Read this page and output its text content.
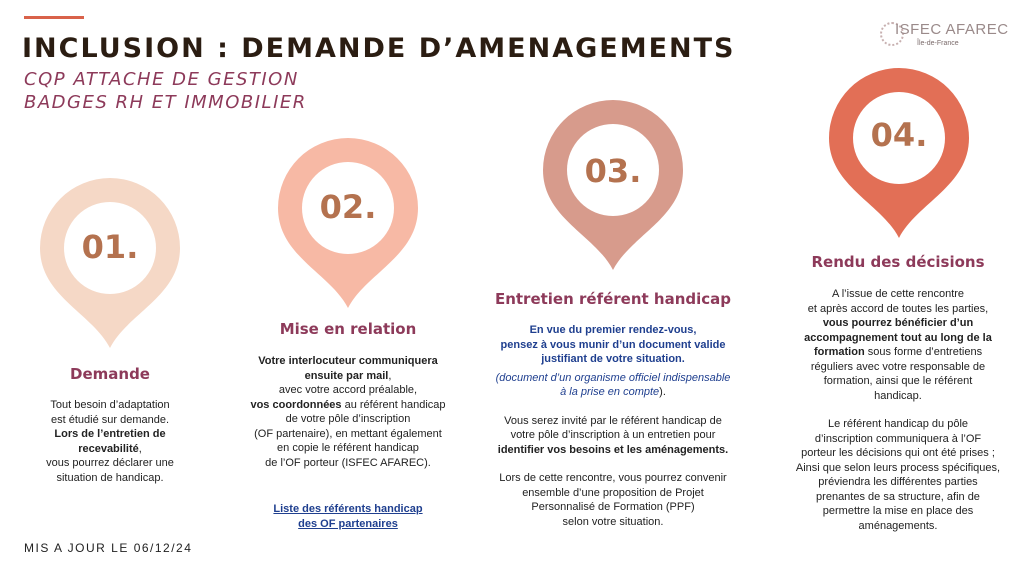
INCLUSION : DEMANDE D’AMENAGEMENTS
CQP ATTACHE DE GESTION
BADGES RH ET IMMOBILIER
ISFEC AFAREC
Île-de-France
01.
Demande

Tout besoin d’adaptation

est étudié sur demande.

Lors de l’entretien de

recevabilité,

vous pourrez déclarer une

situation de handicap.

02.
Mise en relation

Votre interlocuteur communiquera

ensuite par mail,

avec votre accord préalable,

vos coordonnées au référent handicap

de votre pôle d’inscription

(OF partenaire), en mettant également

en copie le référent handicap

de l’OF porteur (ISFEC AFAREC).

Liste des référents handicap
des OF partenaires
03.
Entretien référent handicap

En vue du premier rendez-vous,

pensez à vous munir d’un document valide

justifiant de votre situation.

(document d’un organisme officiel indispensable

à la prise en compte).

Vous serez invité par le référent handicap de

votre pôle d’inscription à un entretien pour

identifier vos besoins et les aménagements.

Lors de cette rencontre, vous pourrez convenir

ensemble d’une proposition de Projet

Personnalisé de Formation (PPF)

selon votre situation.

04.
Rendu des décisions

A l’issue de cette rencontre

et après accord de toutes les parties,

vous pourrez bénéficier d’un

accompagnement tout au long de la

formation sous forme d’entretiens

réguliers avec votre responsable de

formation, ainsi que le référent

handicap.

Le référent handicap du pôle

d’inscription communiquera à l’OF

porteur les décisions qui ont été prises ;

Ainsi que selon leurs process spécifiques,

préviendra les différentes parties

prenantes de sa structure, afin de

permettre la mise en place des

aménagements.

MIS A JOUR LE 06/12/24
